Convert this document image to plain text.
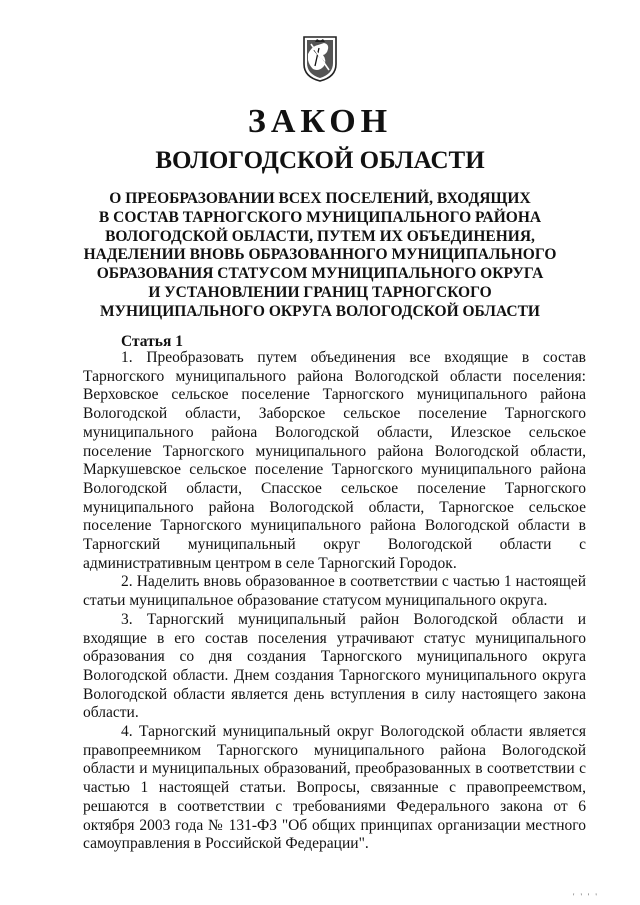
ЗАКОН
ВОЛОГОДСКОЙ ОБЛАСТИ
О ПРЕОБРАЗОВАНИИ ВСЕХ ПОСЕЛЕНИЙ, ВХОДЯЩИХ
В СОСТАВ ТАРНОГСКОГО МУНИЦИПАЛЬНОГО РАЙОНА
ВОЛОГОДСКОЙ ОБЛАСТИ, ПУТЕМ ИХ ОБЪЕДИНЕНИЯ,
НАДЕЛЕНИИ ВНОВЬ ОБРАЗОВАННОГО МУНИЦИПАЛЬНОГО
ОБРАЗОВАНИЯ СТАТУСОМ МУНИЦИПАЛЬНОГО ОКРУГА
И УСТАНОВЛЕНИИ ГРАНИЦ ТАРНОГСКОГО
МУНИЦИПАЛЬНОГО ОКРУГА ВОЛОГОДСКОЙ ОБЛАСТИ
Статья 1

1. Преобразовать путем объединения все входящие в состав Тарногского муниципального района Вологодской области поселения: Верховское сельское поселение Тарногского муниципального района Вологодской области, Заборское сельское поселение Тарногского муниципального района Вологодской области, Илезское сельское поселение Тарногского муниципального района Вологодской области, Маркушевское сельское поселение Тарногского муниципального района Вологодской области, Спасское сельское поселение Тарногского муниципального района Вологодской области, Тарногское сельское поселение Тарногского муниципального района Вологодской области в Тарногский муниципальный округ Вологодской области с административным центром в селе Тарногский Городок.

2. Наделить вновь образованное в соответствии с частью 1 настоящей статьи муниципальное образование статусом муниципального округа.

3. Тарногский муниципальный район Вологодской области и входящие в его состав поселения утрачивают статус муниципального образования со дня создания Тарногского муниципального округа Вологодской области. Днем создания Тарногского муниципального округа Вологодской области является день вступления в силу настоящего закона области.

4. Тарногский муниципальный округ Вологодской области является правопреемником Тарногского муниципального района Вологодской области и муниципальных образований, преобразованных в соответствии с частью 1 настоящей статьи. Вопросы, связанные с правопреемством, решаются в соответствии с требованиями Федерального закона от 6 октября 2003 года № 131-ФЗ "Об общих принципах организации местного самоуправления в Российской Федерации".

' ' ' '
